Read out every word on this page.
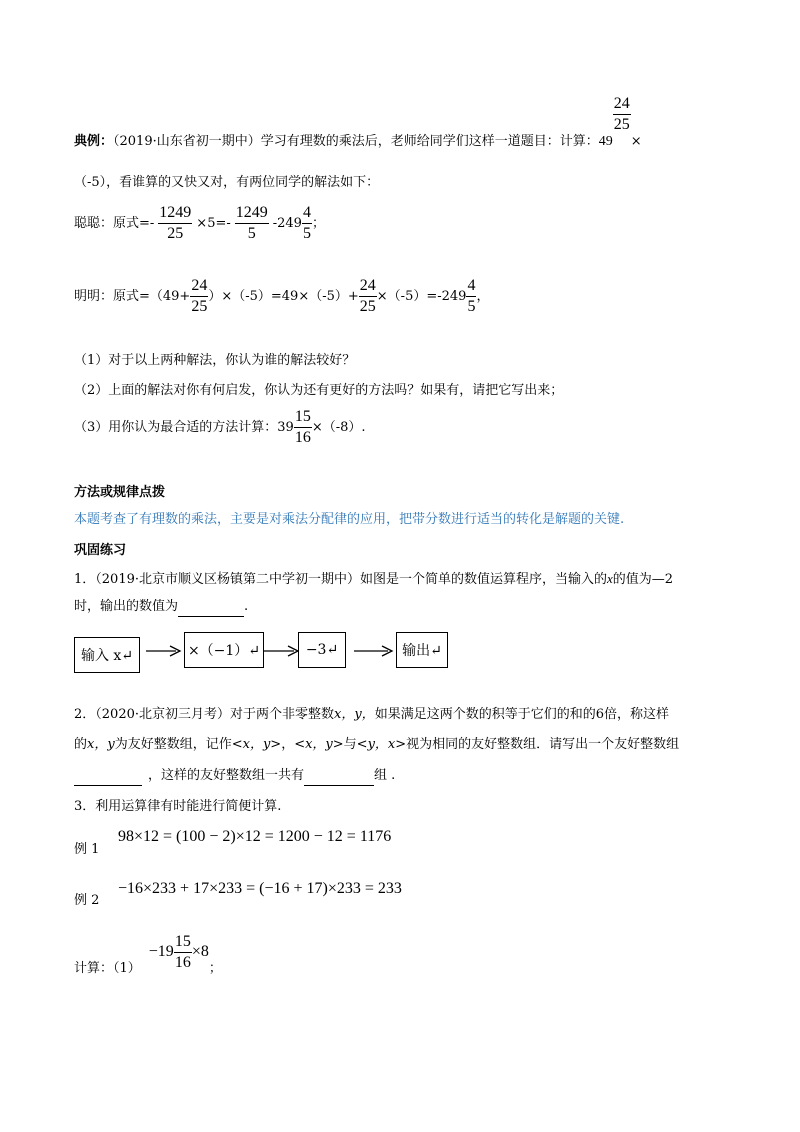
典例：（2019·山东省初一期中）学习有理数的乘法后，老师给同学们这样一道题目：计算：49
$\frac{24}{25}$
×
（-5），看谁算的又快又对，有两位同学的解法如下：
聪聪：原式=- $\frac{1249}{25} \times 5=- \frac{1249}{5} -249 \frac{4}{5}$ ；
明明：原式$=(49+ \frac{24}{25} )\times(-5)=49\times(-5)+ \frac{24}{25} \times(-5)=-249 \frac{4}{5}$ ，
（1）对于以上两种解法，你认为谁的解法较好？
（2）上面的解法对你有何启发，你认为还有更好的方法吗？如果有，请把它写出来；
（3）用你认为最合适的方法计算：$39 \frac{15}{16} \times(-8)$.
方法或规律点拨
本题考查了有理数的乘法，主要是对乘法分配律的应用，把带分数进行适当的转化是解题的关键.
巩固练习
1．（2019·北京市顺义区杨镇第二中学初一期中）如图是一个简单的数值运算程序，当输入的x的值为—2
时，输出的数值为	.
输入 x↵	×（−1）↵	−3↵	输出↵
2．（2020·北京初三月考）对于两个非零整数x，y，如果满足这两个数的积等于它们的和的6倍，称这样
的x，y为友好整数组，记作<x，y>，<x，y>与<y，x>视为相同的友好整数组．请写出一个友好整数组
，这样的友好整数组一共有	组 .
3．利用运算律有时能进行简便计算.
例 1
98×12 = (100 − 2)×12 = 1200 − 12 = 1176
例 2
−16×233 + 17×233 = (−16 + 17)×233 = 233
计算：$(1)-19 \frac{15}{16} \times 8$；
